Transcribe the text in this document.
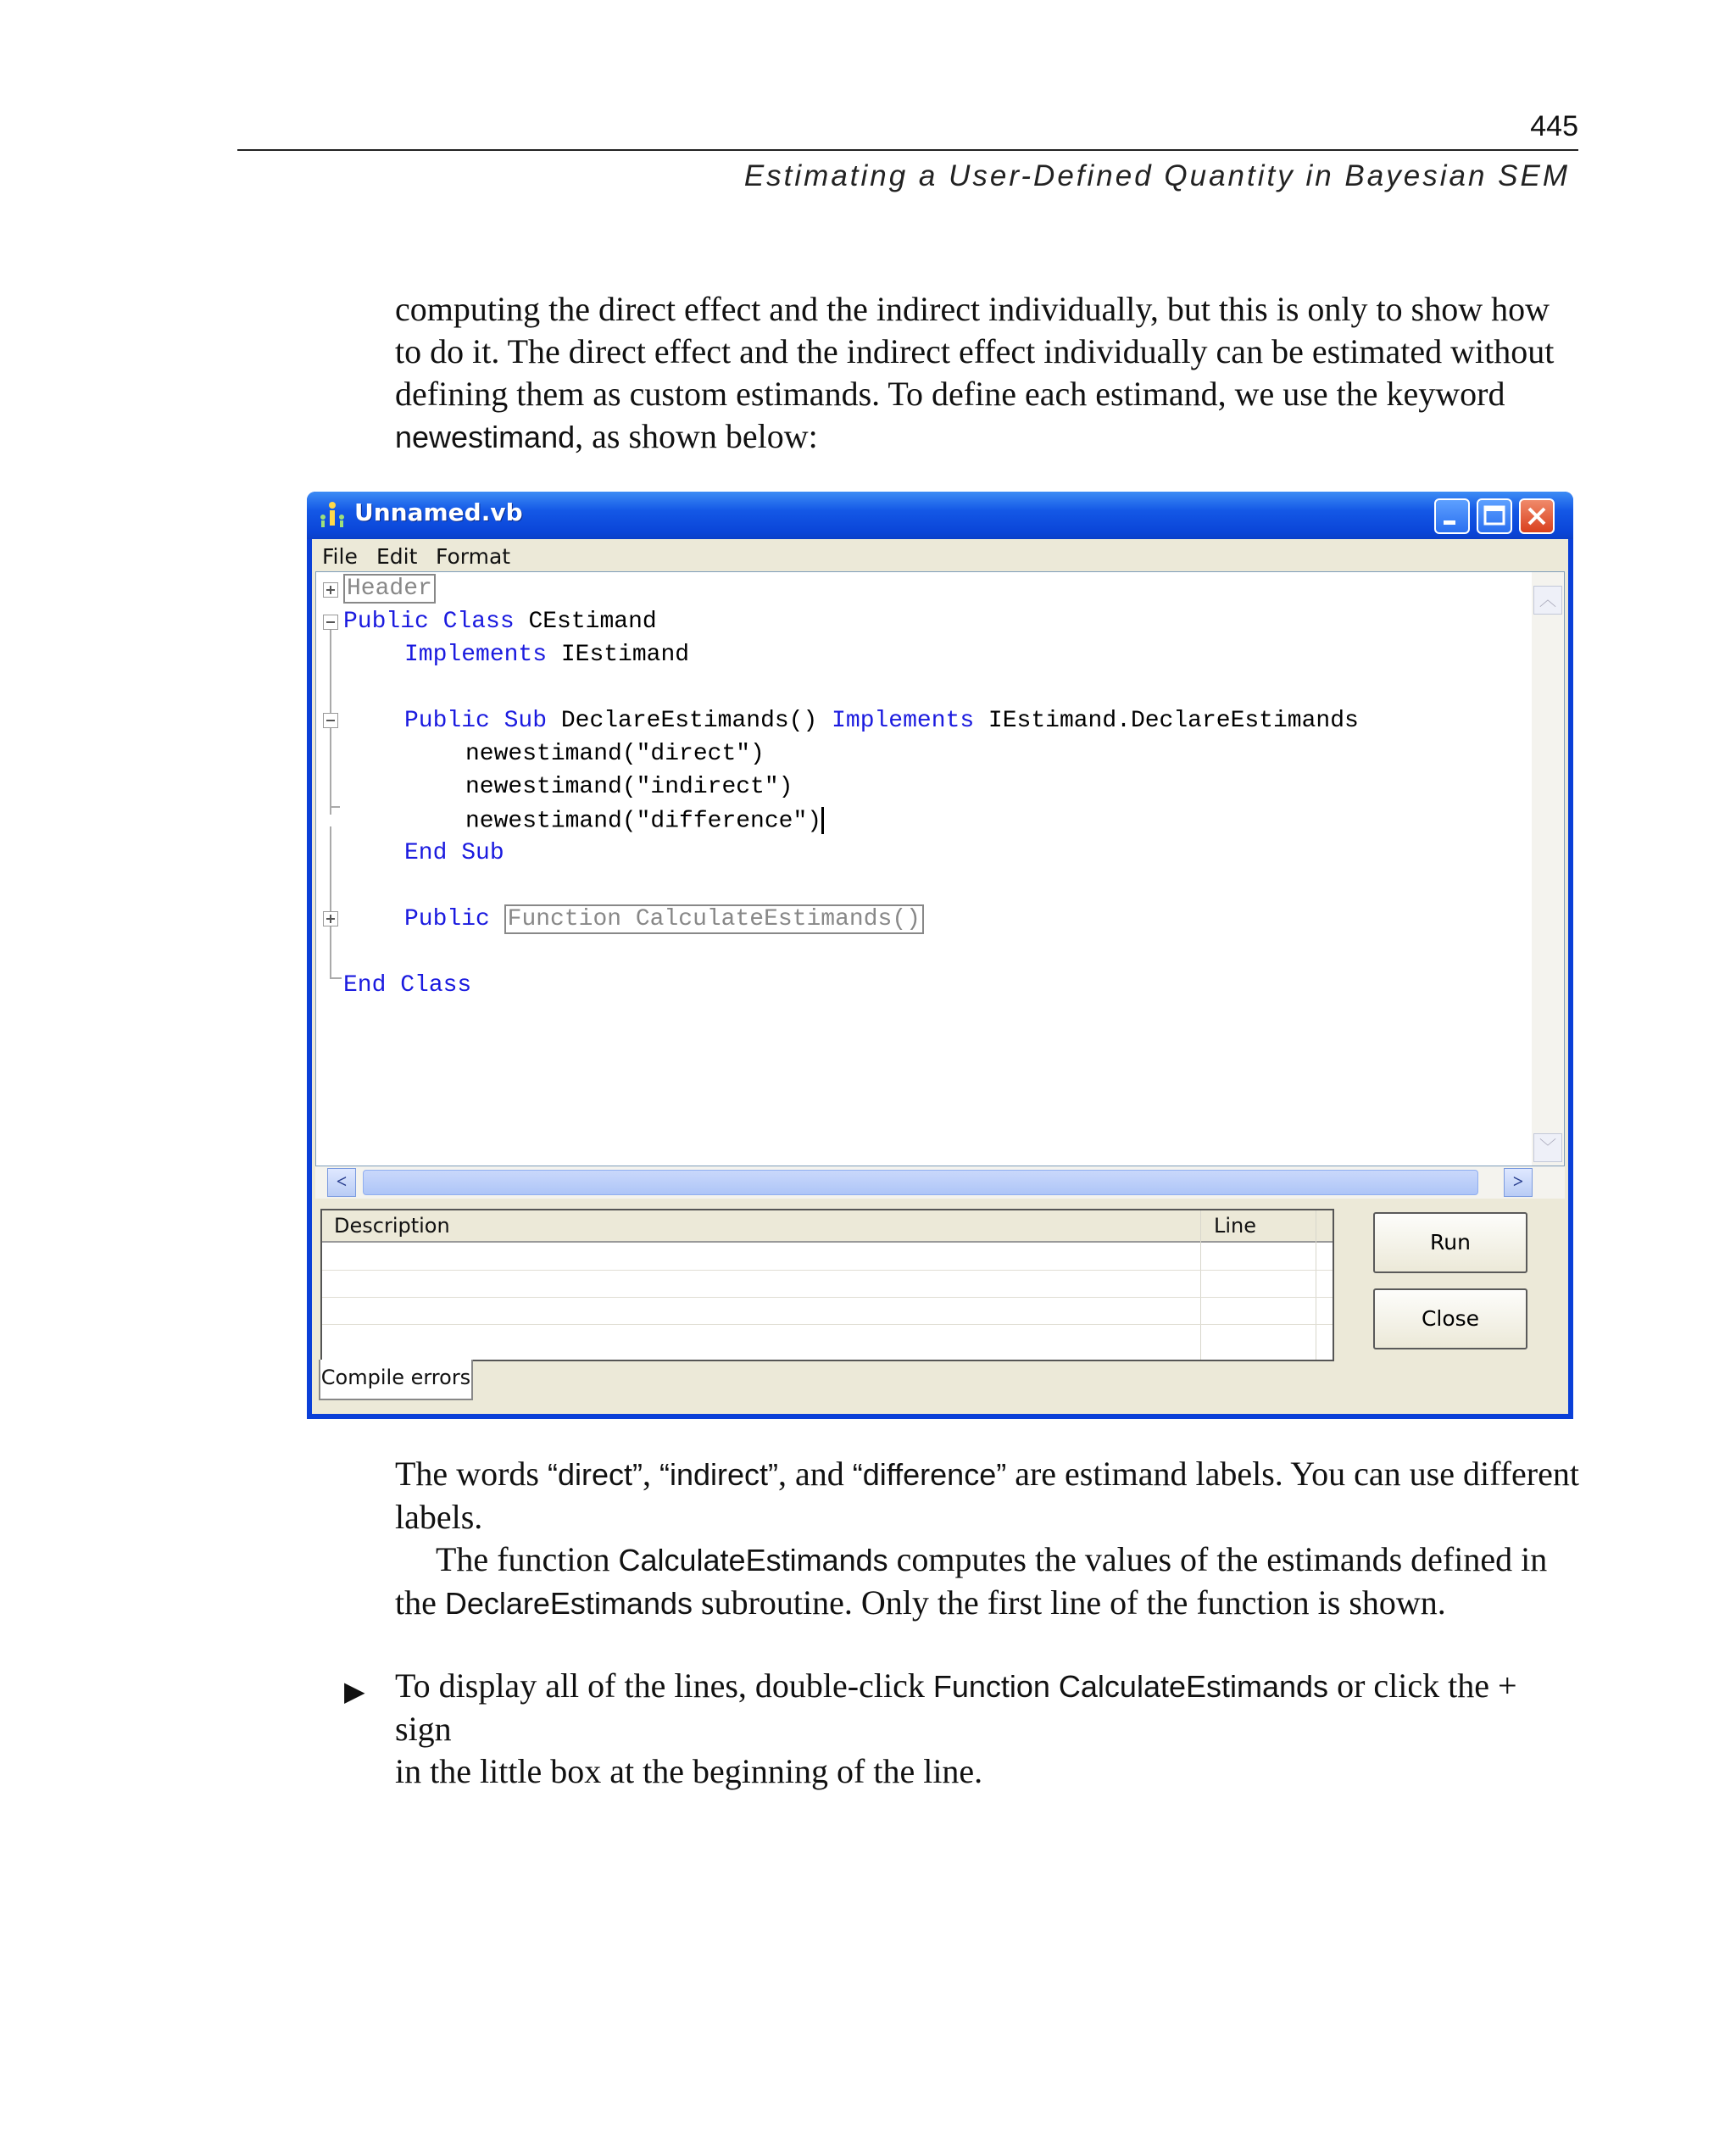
445
Estimating a User-Defined Quantity in Bayesian SEM
computing the direct effect and the indirect individually, but this is only to show how
to do it. The direct effect and the indirect effect individually can be estimated without
defining them as custom estimands. To define each estimand, we use the keyword
newestimand, as shown below:
Unnamed.vb
File Edit Format
Header
Public Class CEstimand
Implements IEstimand
Public Sub DeclareEstimands() Implements IEstimand.DeclareEstimands
newestimand("direct")
newestimand("indirect")
newestimand("difference")
End Sub
Public Function CalculateEstimands()
End Class
︿
﹀
<	>
Description	Line
Run
Close
Compile errors
The words “direct”, “indirect”, and “difference” are estimand labels. You can use different
labels.
The function CalculateEstimands computes the values of the estimands defined in
the DeclareEstimands subroutine. Only the first line of the function is shown.
▶ To display all of the lines, double-click Function CalculateEstimands or click the + sign
in the little box at the beginning of the line.
